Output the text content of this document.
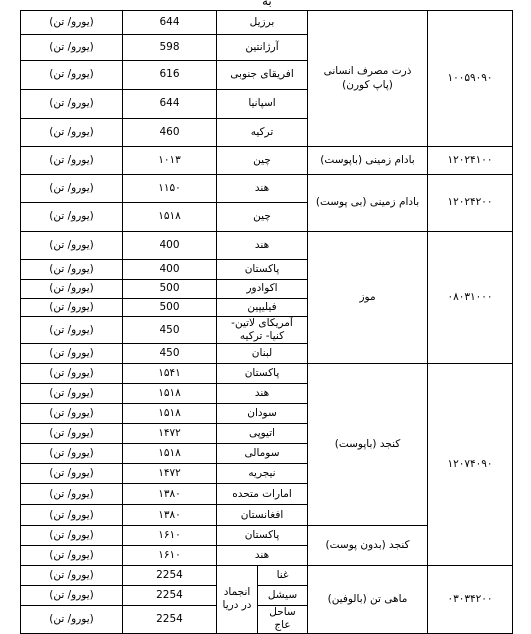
ﺑﻪ
۱۰۰۵۹۰۹۰	ذرت مصرف انسانی (پاپ کورن)	برزیل		644	(یورو/ تن)
		آرژانتین		598	(یورو/ تن)
		افریقای جنوبی		616	(یورو/ تن)
		اسپانیا		644	(یورو/ تن)
		ترکیه		460	(یورو/ تن)
۱۲۰۲۴۱۰۰	بادام زمینی (باپوست)	چین		۱۰۱۳	(یورو/ تن)
۱۲۰۲۴۲۰۰	بادام زمینی (بی پوست)	هند		۱۱۵۰	(یورو/ تن)
		چین		۱۵۱۸	(یورو/ تن)
۰۸۰۳۱۰۰۰	موز	هند		400	(یورو/ تن)
		پاکستان		400	(یورو/ تن)
		اکوادور		500	(یورو/ تن)
		فیلیپین		500	(یورو/ تن)
		آمریکای لاتین- کنیا- ترکیه		450	(یورو/ تن)
		لبنان		450	(یورو/ تن)
۱۲۰۷۴۰۹۰	کنجد (باپوست)	پاکستان		۱۵۴۱	(یورو/ تن)
		هند		۱۵۱۸	(یورو/ تن)
		سودان		۱۵۱۸	(یورو/ تن)
		اتیوپی		۱۴۷۲	(یورو/ تن)
		سومالی		۱۵۱۸	(یورو/ تن)
		نیجریه		۱۴۷۲	(یورو/ تن)
		امارات متحده		۱۳۸۰	(یورو/ تن)
		افغانستان		۱۳۸۰	(یورو/ تن)
	کنجد (بدون پوست)	پاکستان		۱۶۱۰	(یورو/ تن)
		هند		۱۶۱۰	(یورو/ تن)
۰۳۰۳۴۲۰۰	ماهی تن (بالوفین)	غنا	انجماد در دریا	2254	(یورو/ تن)
		سیشل		2254	(یورو/ تن)
		ساحل عاج		2254	(یورو/ تن)
